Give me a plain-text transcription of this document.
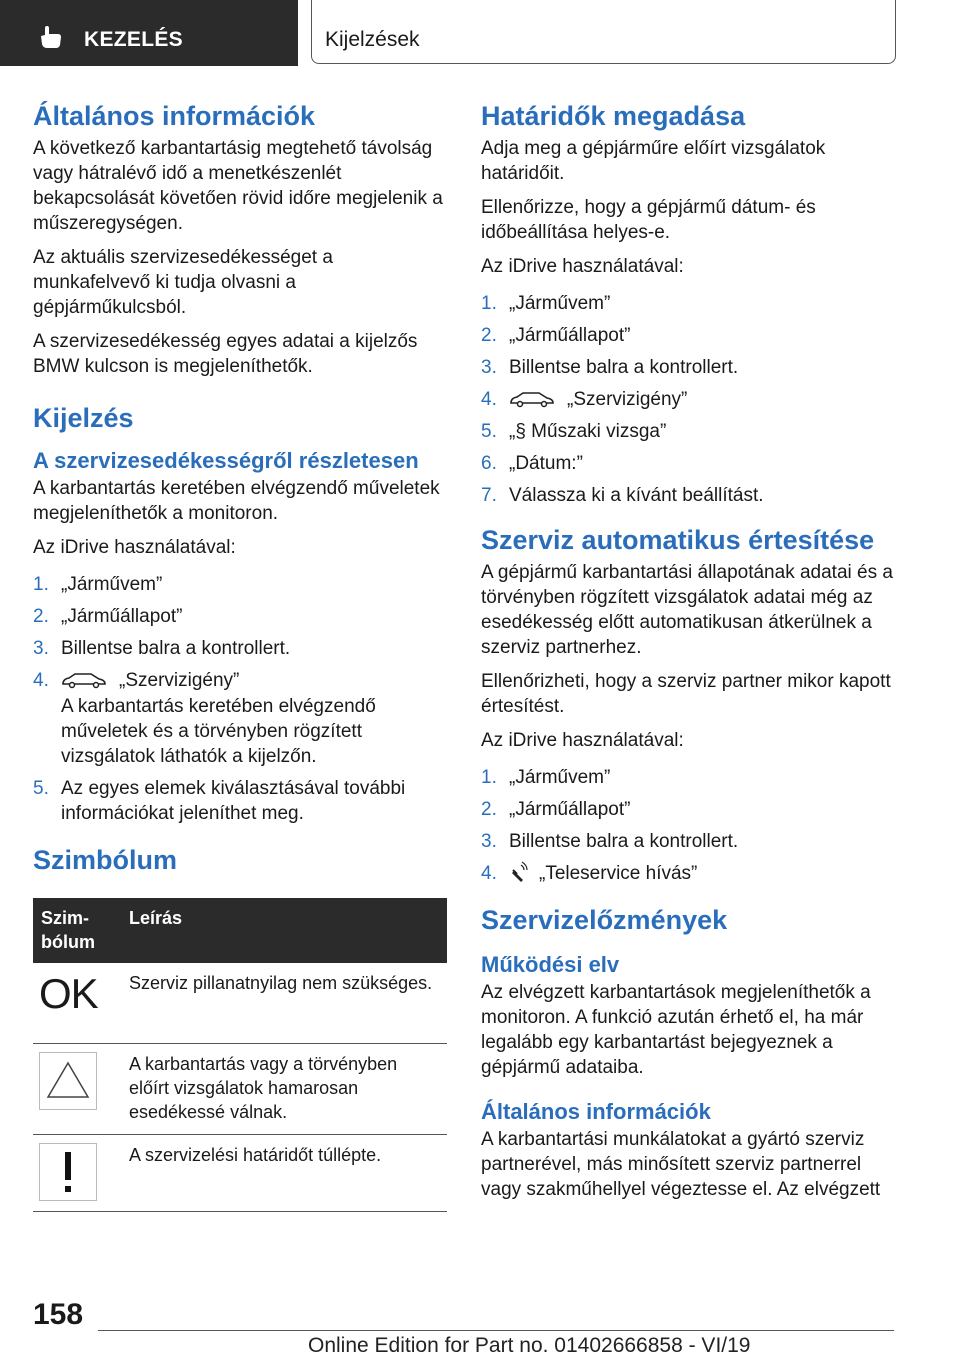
KEZELÉS	Kijelzések
Általános információk

A következő karbantartásig megtehető távolság vagy hátralévő idő a menetkészenlét bekapcsolását követően rövid időre megjelenik a műszeregységen.

Az aktuális szervizesedékességet a munkafelvevő ki tudja olvasni a gépjárműkulcsból.

A szervizesedékesség egyes adatai a kijelzős BMW kulcson is megjeleníthetők.

Kijelzés
A szervizesedékességről részletesen

A karbantartás keretében elvégzendő műveletek megjeleníthetők a monitoron.

Az iDrive használatával:

1. „Járművem”
2. „Járműállapot”
3. Billentse balra a kontrollert.
4.	„Szervizigény”
A karbantartás keretében elvégzendő műveletek és a törvényben rögzített vizsgálatok láthatók a kijelzőn.
5. Az egyes elemek kiválasztásával további információkat jeleníthet meg.
Szimbólum
Szim-bólum	Leírás
OK	Szerviz pillanatnyilag nem szükséges.

	A karbantartás vagy a törvényben előírt vizsgálatok hamarosan esedékessé válnak.

	A szervizelési határidőt túllépte.
Határidők megadása

Adja meg a gépjárműre előírt vizsgálatok határidőit.

Ellenőrizze, hogy a gépjármű dátum- és időbeállítása helyes-e.

Az iDrive használatával:

1. „Járművem”
2. „Járműállapot”
3. Billentse balra a kontrollert.
4.	„Szervizigény”
5. „§ Műszaki vizsga”
6. „Dátum:”
7. Válassza ki a kívánt beállítást.
Szerviz automatikus értesítése

A gépjármű karbantartási állapotának adatai és a törvényben rögzített vizsgálatok adatai még az esedékesség előtt automatikusan átkerülnek a szerviz partnerhez.

Ellenőrizheti, hogy a szerviz partner mikor kapott értesítést.

Az iDrive használatával:

1. „Járművem”
2. „Járműállapot”
3. Billentse balra a kontrollert.
4. „Teleservice hívás”
Szervizelőzmények
Működési elv

Az elvégzett karbantartások megjeleníthetők a monitoron. A funkció azután érhető el, ha már legalább egy karbantartást bejegyeznek a gépjármű adataiba.

Általános információk

A karbantartási munkálatokat a gyártó szerviz partnerével, más minősített szerviz partnerrel vagy szakműhellyel végeztesse el. Az elvégzett

158
Online Edition for Part no. 01402666858 - VI/19
